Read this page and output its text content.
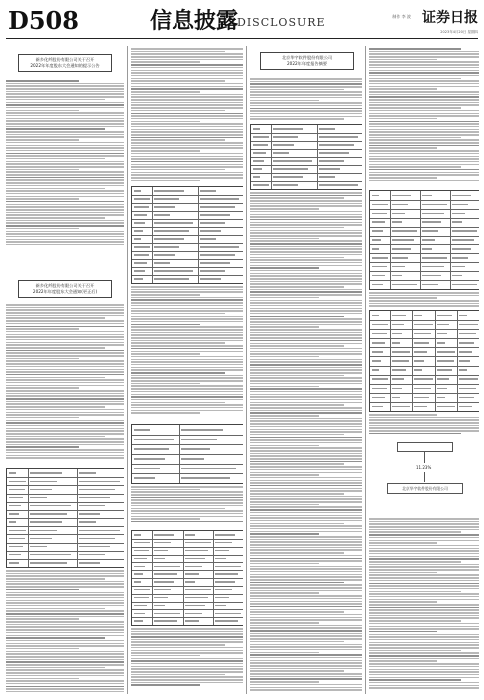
D508	信息披露
DISCLOSURE	制作 李 波 证券日报
2023年4月20日 星期四
新乡化纤股份有限公司关于召开
2022年年度股东大会通知的提示公告
新乡化纤股份有限公司关于召开
2022年年度股东大会通知(更正后)
北京华宇软件股份有限公司
2022年年度报告摘要
11.23%
北京华宇软件股份有限公司
